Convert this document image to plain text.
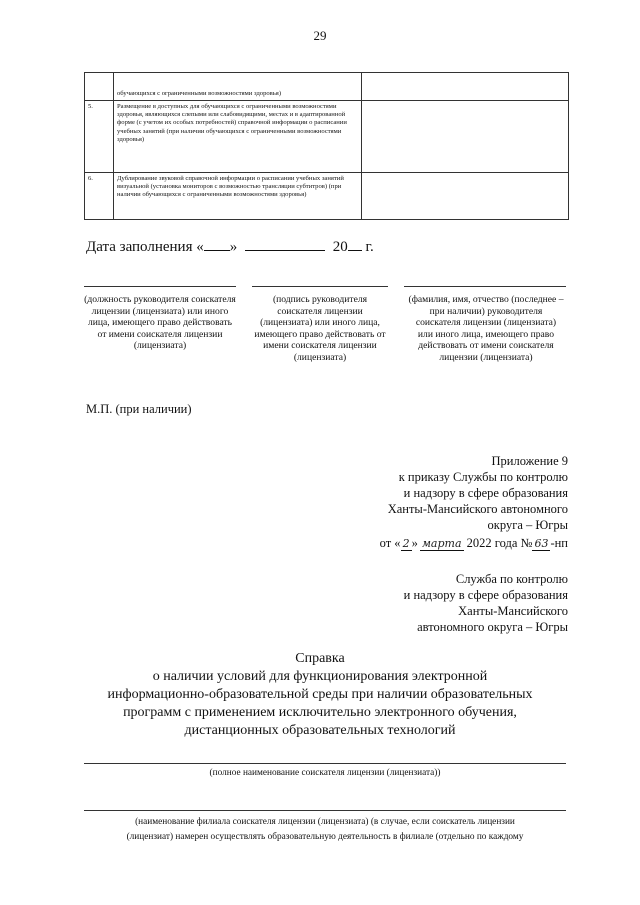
29
	обучающихся с ограниченными возможностями здоровья)	
5.	Размещение в доступных для обучающихся с ограниченными возможностями здоровья, являющихся слепыми или слабовидящими, местах и в адаптированной форме (с учетом их особых потребностей) справочной информации о расписании учебных занятий (при наличии обучающихся с ограниченными возможностями здоровья)	
6.	Дублирование звуковой справочной информации о расписании учебных занятий визуальной (установка мониторов с возможностью трансляции субтитров) (при наличии обучающихся с ограниченными возможностями здоровья)	
Дата заполнения « »	20 г.
(должность руководителя соискателя лицензии (лицензиата) или иного лица, имеющего право действовать от имени соискателя лицензии (лицензиата)
(подпись руководителя соискателя лицензии (лицензиата) или иного лица, имеющего право действовать от имени соискателя лицензии (лицензиата)
(фамилия, имя, отчество (последнее – при наличии) руководителя соискателя лицензии (лицензиата) или иного лица, имеющего право действовать от имени соискателя лицензии (лицензиата)
М.П. (при наличии)
Приложение 9
к приказу Службы по контролю
и надзору в сфере образования
Ханты-Мансийского автономного
округа – Югры
от « 2 » марта 2022 года № 63 -нп
Служба по контролю
и надзору в сфере образования
Ханты-Мансийского
автономного округа – Югры
Справка
о наличии условий для функционирования электронной
информационно-образовательной среды при наличии образовательных
программ с применением исключительно электронного обучения,
дистанционных образовательных технологий
(полное наименование соискателя лицензии (лицензиата))
(наименование филиала соискателя лицензии (лицензиата) (в случае, если соискатель лицензии
(лицензиат) намерен осуществлять образовательную деятельность в филиале (отдельно по каждому
